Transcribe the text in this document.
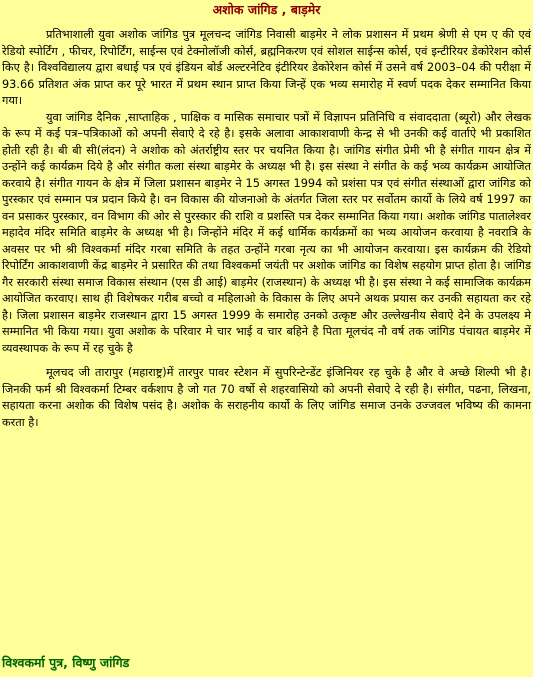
अशोक जांगिड , बाड़मेर

प्रतिभाशाली युवा अशोक जांगिड पुत्र मूलचन्द जांगिड निवासी बाड़मेर ने लोक प्रशासन में प्रथम श्रेणी से एम ए की एवं रेडियो स्पोर्टिंग , फीचर, रिपोर्टिंग, साईन्स एवं टेक्नोलॉजी कोर्स, ब्रह्मनिकरण एवं सोशल साईन्स कोर्स, एवं इन्टीरियर डेकोरेशन कोर्स किए है। विश्वविद्यालय द्वारा बधाई पत्र एवं इंडियन बोर्ड अल्टरनेटिव इंटीरियर डेकोरेशन कोर्स में उसने वर्ष 2003–04 की परीक्षा में 93.66 प्रतिशत अंक प्राप्त कर पूरे भारत में प्रथम स्थान प्राप्त किया जिन्हें एक भव्य समारोह में स्वर्ण पदक देकर सम्मानित किया गया।

युवा जांगिड दैनिक ,साप्ताहिक , पाक्षिक व मासिक समाचार पत्रों में विज्ञापन प्रतिनिधि व संवाददाता (ब्यूरो) और लेखक के रूप में कई पत्र–पत्रिकाओं को अपनी सेवाऐ दे रहे है। इसके अलावा आकाशवाणी केन्द्र से भी उनकी कई वार्ताऐ भी प्रकाशित होती रही है। बी बी सी(लंदन) ने अशोक को अंतर्राष्ट्रीय स्तर पर चयनित किया है। जांगिड संगीत प्रेमी भी है संगीत गायन क्षेत्र में उन्होंने कई कार्यक्रम दिये है और संगीत कला संस्था बाड़मेर के अध्यक्ष भी है। इस संस्था ने संगीत के कई भव्य कार्यक्रम आयोजित करवाये है। संगीत गायन के क्षेत्र में जिला प्रशासन बाड़मेर ने 15 अगस्त 1994 को प्रशंसा पत्र एवं संगीत संस्थाओं द्वारा जांगिड को पुरस्कार एवं सम्मान पत्र प्रदान किये है। वन विकास की योजनाओ के अंतर्गत जिला स्तर पर सर्वोतम कार्यो के लिये वर्ष 1997 का वन प्रसाकर पुरस्कार, वन विभाग की ओर से पुरस्कार की राशि व प्रशस्ति पत्र देकर सम्मानित किया गया। अशोक जांगिड पातालेश्वर महादेव मंदिर समिति बाड़मेर के अध्यक्ष भी है। जिन्होंने मंदिर में कई धार्मिक कार्यक्रमों का भव्य आयोजन करवाया है नवरात्रि के अवसर पर भी श्री विश्वकर्मा मंदिर गरबा समिति के तहत उन्होंने गरबा नृत्य का भी आयोजन करवाया। इस कार्यक्रम की रेडियो रिपोर्टिंग आकाशवाणी केंद्र बाड़मेर ने प्रसारित की तथा विश्वकर्मा जयंती पर अशोक जांगिड का विशेष सहयोग प्राप्त होता है। जांगिड गैर सरकारी संस्था समाज विकास संस्थान (एस डी आई) बाड़मेर (राजस्थान) के अध्यक्ष भी है। इस संस्था ने कई सामाजिक कार्यक्रम आयोजित करवाए। साथ ही विशेषकर गरीब बच्चो व महिलाओ के विकास के लिए अपने अथक प्रयास कर उनकी सहायता कर रहे है। जिला प्रशासन बाड़मेर राजस्थान द्वारा 15 अगस्त 1999 के समारोह उनको उत्कृष्ट और उल्लेखनीय सेवाऐ देने के उपलक्ष्य मे सम्मानित भी किया गया। युवा अशोक के परिवार मे चार भाई व चार बहिने है पिता मूलचंद नौ वर्ष तक जांगिड पंचायत बाड़मेर में व्यवस्थापक के रूप में रह चुके है

मूलचद जी तारापुर (महाराष्ट्र)में तारपुर पावर स्टेशन में सुपरिन्टेन्डेंट इंजिनियर रह चुके है और वे अच्छे शिल्पी भी है। जिनकी फर्म श्री विश्वकर्मा टिम्बर वर्कशाप है जो गत 70 वर्षो से शहरवासियो को अपनी सेवाऐ दे रही है। संगीत, पढना, लिखना, सहायता करना अशोक की विशेष पसंद है। अशोक के सराहनीय कार्यो के लिए जांगिड समाज उनके उज्जवल भविष्य की कामना करता है।

विश्वकर्मा पुत्र, विष्णु जांगिड
